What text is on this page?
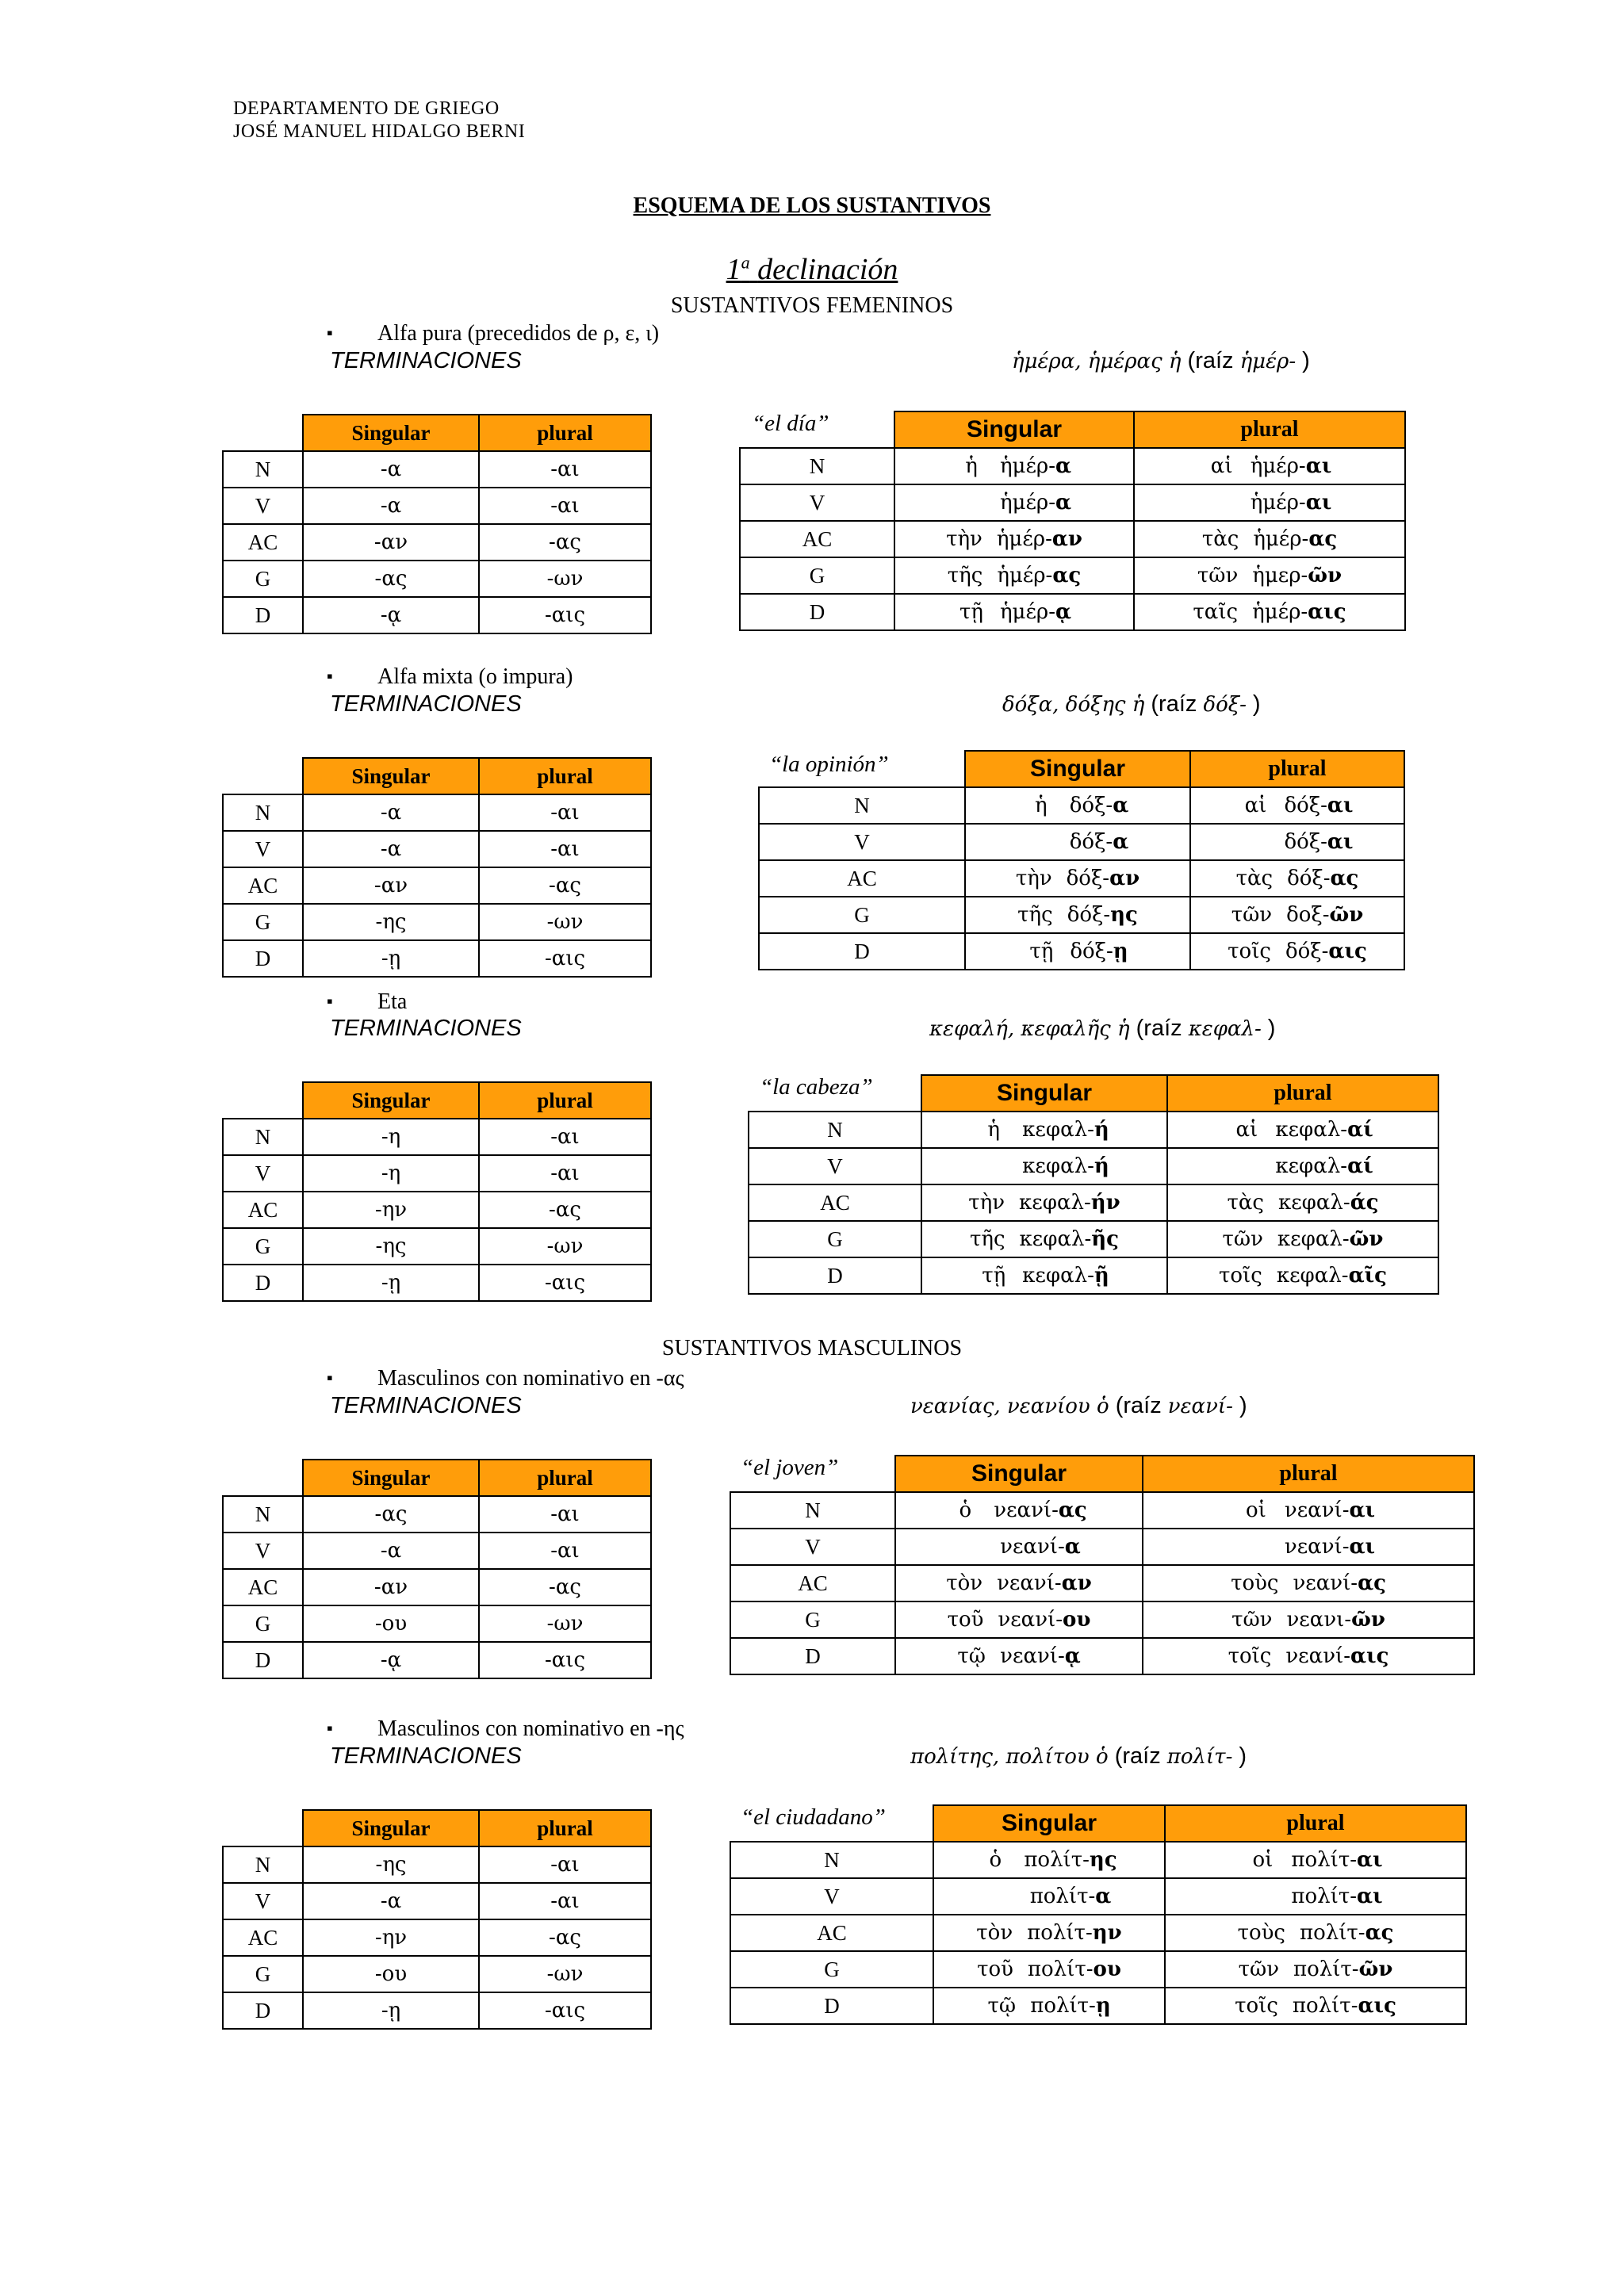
DEPARTAMENTO DE GRIEGO
JOSÉ MANUEL HIDALGO BERNI
ESQUEMA DE LOS SUSTANTIVOS
1$^a$ declinación
SUSTANTIVOS FEMENINOS
SUSTANTIVOS MASCULINOS
▪ Alfa pura (precedidos de ρ, ε, ι)
TERMINACIONES	ἡμέρα, ἡμέρας ἡ (raíz ἡμέρ- )
	Singular	plural
N	-α	-αι
V	-α	-αι
AC	-αν	-ας
G	-ας	-ων
D	-ᾳ	-αις
“el día”
		Singular	plural
N	ἡ ἡμέρ-α	αἱ ἡμέρ-αι
V	ἡμέρ-α	ἡμέρ-αι
AC	τὴν ἡμέρ-αν	τὰς ἡμέρ-ας
G	τῆς ἡμέρ-ας	τῶν ἡμερ-ῶν
D	τῇ ἡμέρ-ᾳ	ταῖς ἡμέρ-αις
▪ Alfa mixta (o impura)
TERMINACIONES	δόξα, δόξης ἡ (raíz δόξ- )
	Singular	plural
N	-α	-αι
V	-α	-αι
AC	-αν	-ας
G	-ης	-ων
D	-ῃ	-αις
“la opinión”
		Singular	plural
N	ἡ δόξ-α	αἱ δόξ-αι
V	δόξ-α	δόξ-αι
AC	τὴν δόξ-αν	τὰς δόξ-ας
G	τῆς δόξ-ης	τῶν δοξ-ῶν
D	τῇ δόξ-ῃ	τοῖς δόξ-αις
▪ Eta
TERMINACIONES	κεφαλή, κεφαλῆς ἡ (raíz κεφαλ- )
	Singular	plural
N	-η	-αι
V	-η	-αι
AC	-ην	-ας
G	-ης	-ων
D	-ῃ	-αις
“la cabeza”
		Singular	plural
N	ἡ κεφαλ-ή	αἱ κεφαλ-αί
V	κεφαλ-ή	κεφαλ-αί
AC	τὴν κεφαλ-ήν	τὰς κεφαλ-άς
G	τῆς κεφαλ-ῆς	τῶν κεφαλ-ῶν
D	τῇ κεφαλ-ῇ	τοῖς κεφαλ-αῖς
▪ Masculinos con nominativo en -ας
TERMINACIONES	νεανίας, νεανίου ὁ (raíz νεανί- )
	Singular	plural
N	-ας	-αι
V	-α	-αι
AC	-αν	-ας
G	-ου	-ων
D	-ᾳ	-αις
“el joven”
		Singular	plural
N	ὁ νεανί-ας	οἱ νεανί-αι
V	νεανί-α	νεανί-αι
AC	τὸν νεανί-αν	τοὺς νεανί-ας
G	τοῦ νεανί-ου	τῶν νεανι-ῶν
D	τῷ νεανί-ᾳ	τοῖς νεανί-αις
▪ Masculinos con nominativo en -ης
TERMINACIONES	πολίτης, πολίτου ὁ (raíz πολίτ- )
	Singular	plural
N	-ης	-αι
V	-α	-αι
AC	-ην	-ας
G	-ου	-ων
D	-ῃ	-αις
“el ciudadano”
		Singular	plural
N	ὁ πολίτ-ης	οἱ πολίτ-αι
V	πολίτ-α	πολίτ-αι
AC	τὸν πολίτ-ην	τοὺς πολίτ-ας
G	τοῦ πολίτ-ου	τῶν πολίτ-ῶν
D	τῷ πολίτ-ῃ	τοῖς πολίτ-αις
